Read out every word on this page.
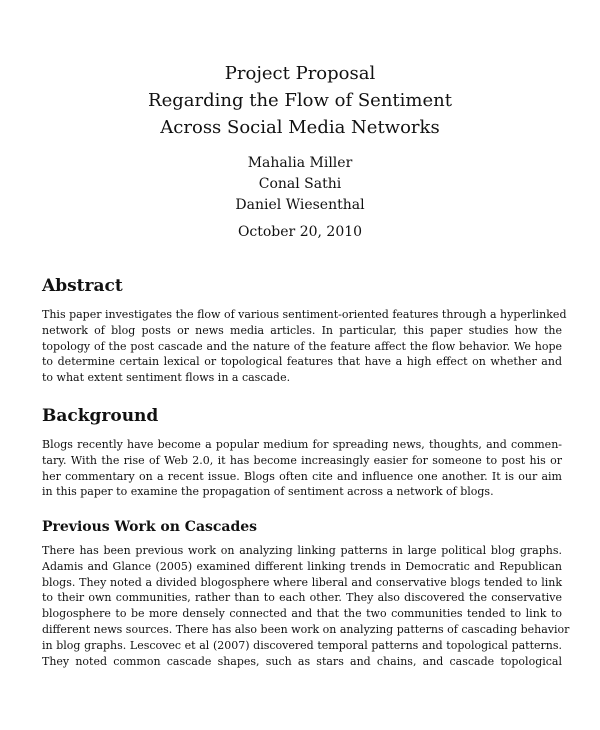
Project Proposal
Regarding the Flow of Sentiment
Across Social Media Networks
Mahalia Miller
Conal Sathi
Daniel Wiesenthal
October 20, 2010
Abstract
This paper investigates the flow of various sentiment-oriented features through a hyperlinked
network of blog posts or news media articles. In particular, this paper studies how the
topology of the post cascade and the nature of the feature affect the flow behavior. We hope
to determine certain lexical or topological features that have a high effect on whether and
to what extent sentiment flows in a cascade.
Background
Blogs recently have become a popular medium for spreading news, thoughts, and commen-
tary. With the rise of Web 2.0, it has become increasingly easier for someone to post his or
her commentary on a recent issue. Blogs often cite and influence one another. It is our aim
in this paper to examine the propagation of sentiment across a network of blogs.
Previous Work on Cascades
There has been previous work on analyzing linking patterns in large political blog graphs.
Adamis and Glance (2005) examined different linking trends in Democratic and Republican
blogs. They noted a divided blogosphere where liberal and conservative blogs tended to link
to their own communities, rather than to each other. They also discovered the conservative
blogosphere to be more densely connected and that the two communities tended to link to
different news sources. There has also been work on analyzing patterns of cascading behavior
in blog graphs. Lescovec et al (2007) discovered temporal patterns and topological patterns.
They noted common cascade shapes, such as stars and chains, and cascade topological
